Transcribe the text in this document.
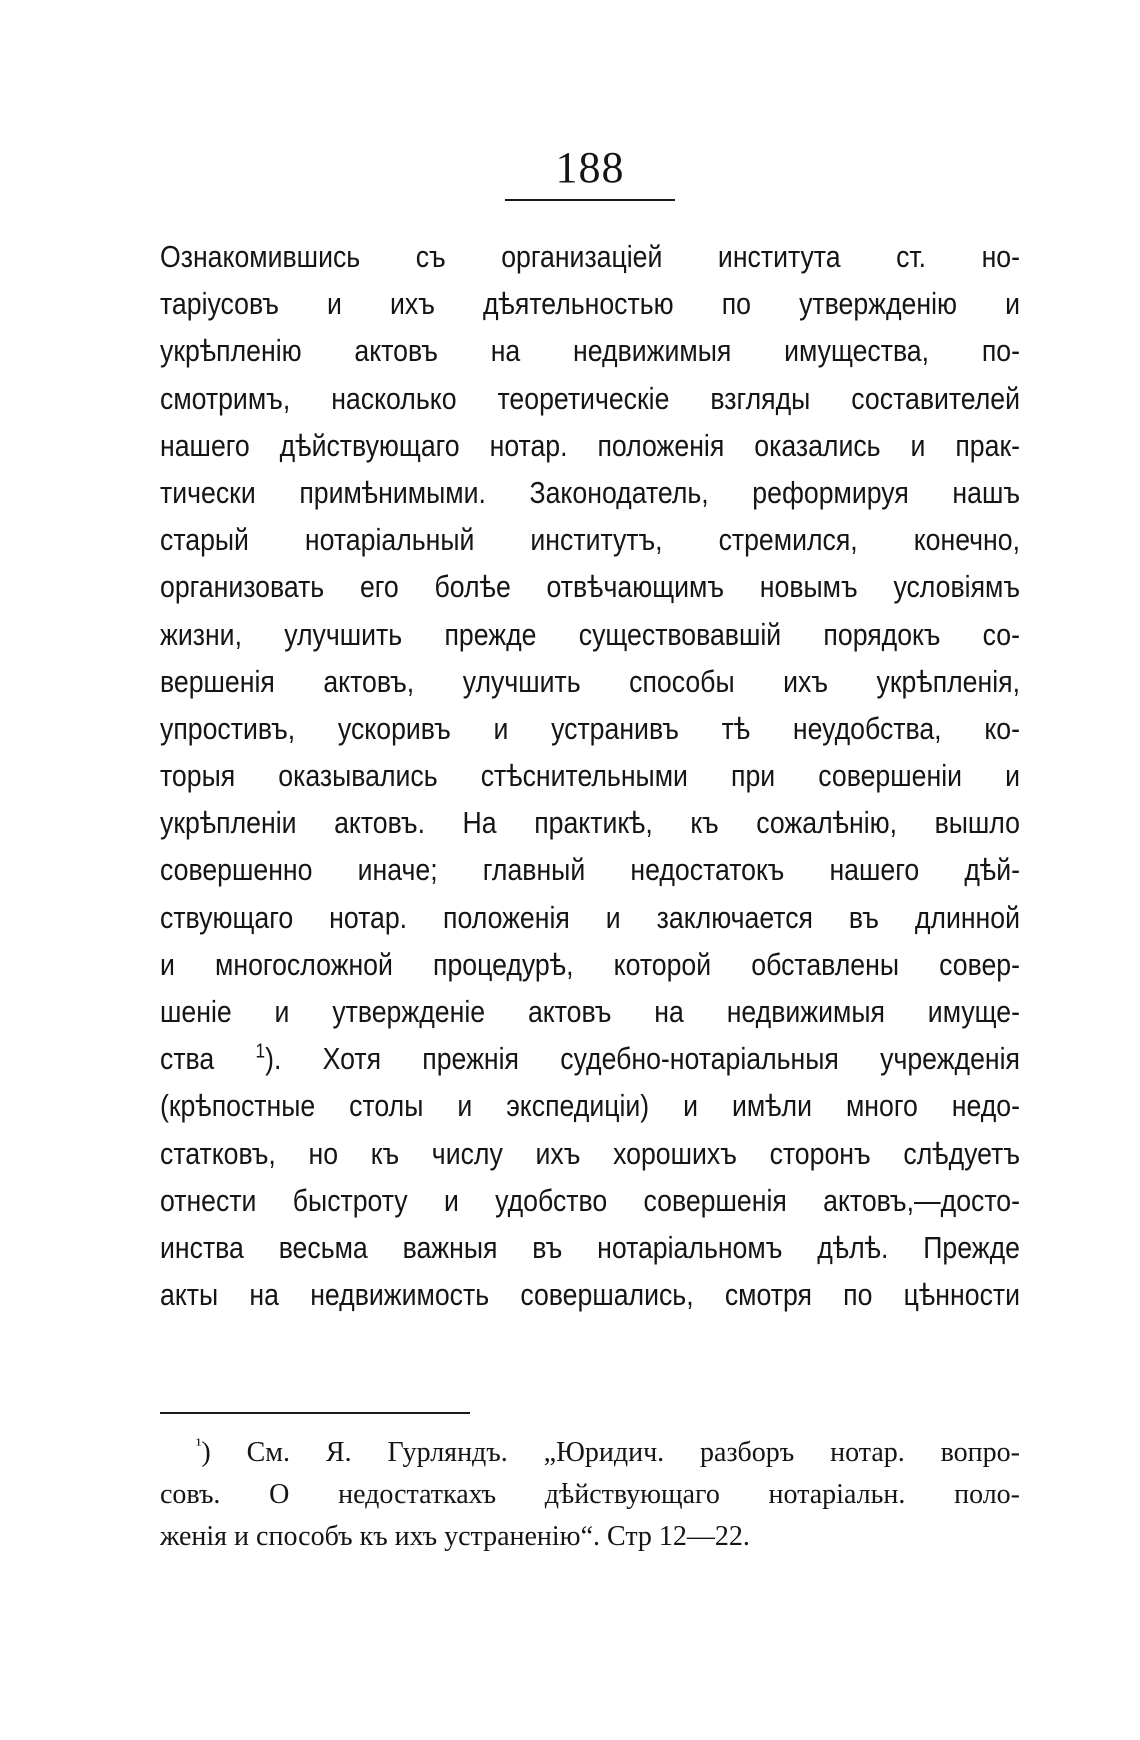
188
Ознакомившись съ организаціей института ст. но-
таріусовъ и ихъ дѣятельностью по утвержденію и
укрѣпленію актовъ на недвижимыя имущества, по-
смотримъ, насколько теоретическіе взгляды составителей
нашего дѣйствующаго нотар. положенія оказались и прак-
тически примѣнимыми. Законодатель, реформируя нашъ
старый нотаріальный институтъ, стремился, конечно,
организовать его болѣе отвѣчающимъ новымъ условіямъ
жизни, улучшить прежде существовавшій порядокъ со-
вершенія актовъ, улучшить способы ихъ укрѣпленія,
упростивъ, ускоривъ и устранивъ тѣ неудобства, ко-
торыя оказывались стѣснительными при совершеніи и
укрѣпленіи актовъ. На практикѣ, къ сожалѣнію, вышло
совершенно иначе; главный недостатокъ нашего дѣй-
ствующаго нотар. положенія и заключается въ длинной
и многосложной процедурѣ, которой обставлены совер-
шеніе и утвержденіе актовъ на недвижимыя имуще-
ства $^1$). Хотя прежнія судебно-нотаріальныя учрежденія
(крѣпостные столы и экспедиціи) и имѣли много недо-
статковъ, но къ числу ихъ хорошихъ сторонъ слѣдуетъ
отнести быстроту и удобство совершенія актовъ,—досто-
инства весьма важныя въ нотаріальномъ дѣлѣ. Прежде
акты на недвижимость совершались, смотря по цѣнности
$^{^1}$) См. Я. Гурляндъ. „Юридич. разборъ нотар. вопро-
совъ. О недостаткахъ дѣйствующаго нотаріальн. поло-
женія и способъ къ ихъ устраненію“. Стр 12—22.
